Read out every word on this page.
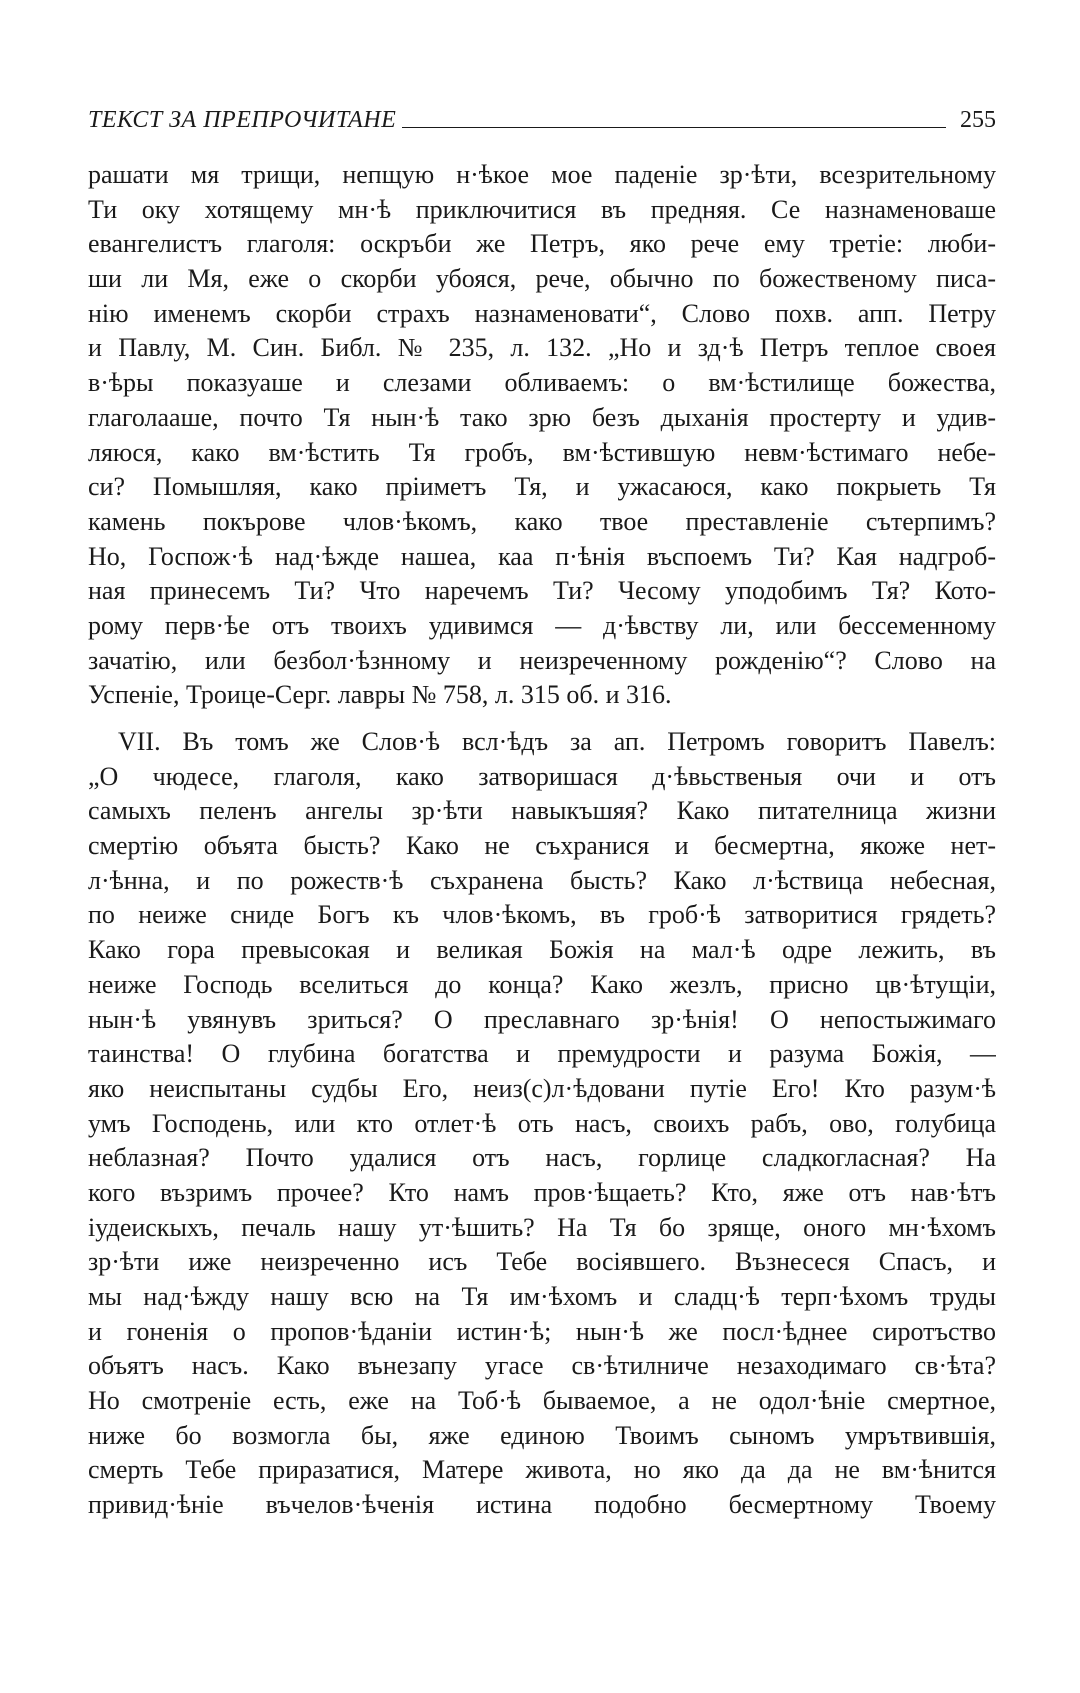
ТЕКСТ ЗА ПРЕПРОЧИТАНЕ	255
рашати мя трищи, непщую н·ѣкое мое паденіе зр·ѣти, всезрительному
Ти оку хотящему мн·ѣ приключитися въ предняя. Се назнаменоваше
евангелистъ глаголя: оскръби же Петръ, яко рече ему третіе: люби-
ши ли Мя, еже о скорби убояся, рече, обычно по божественому писа-
нію именемъ скорби страхъ назнаменовати“, Слово похв. апп. Петру
и Павлу, М. Син. Библ. № 235, л. 132. „Но и зд·ѣ Петръ теплое своея
в·ѣры показуаше и слезами обливаемъ: о вм·ѣстилище божества,
глаголааше, почто Тя нын·ѣ тако зрю безъ дыханія простерту и удив-
ляюся, како вм·ѣстить Тя гробъ, вм·ѣстившую невм·ѣстимаго небе-
си? Помышляя, како пріиметъ Тя, и ужасаюся, како покрыеть Тя
камень покърове члов·ѣкомъ, како твое преставленіе сътерпимъ?
Но, Госпож·ѣ над·ѣжде нашеа, каа п·ѣнія въспоемъ Ти? Кая надгроб-
ная принесемъ Ти? Что наречемъ Ти? Чесому уподобимъ Тя? Кото-
рому перв·ѣе отъ твоихъ удивимся — д·ѣвству ли, или бессеменному
зачатію, или безбол·ѣзнному и неизреченному рожденію“? Слово на
Успеніе, Троице-Серг. лавры № 758, л. 315 об. и 316.
VII. Въ томъ же Слов·ѣ всл·ѣдъ за ап. Петромъ говоритъ Павелъ:
„О чюдесе, глаголя, како затворишася д·ѣвьственыя очи и отъ
самыхъ пеленъ ангелы зр·ѣти навыкъшяя? Како питателница жизни
смертію объята бысть? Како не съхранися и бесмертна, якоже нет-
л·ѣнна, и по рожеств·ѣ съхранена бысть? Како л·ѣствица небесная,
по неиже сниде Богъ къ члов·ѣкомъ, въ гроб·ѣ затворитися грядеть?
Како гора превысокая и великая Божія на мал·ѣ одре лежить, въ
неиже Господь вселиться до конца? Како жезлъ, присно цв·ѣтущіи,
нын·ѣ увянувъ зриться? О преславнаго зр·ѣнія! О непостыжимаго
таинства! О глубина богатства и премудрости и разума Божія, —
яко неиспытаны судбы Его, неиз(с)л·ѣдовани путіе Его! Кто разум·ѣ
умъ Господень, или кто отлет·ѣ оть насъ, своихъ рабъ, ово, голубица
неблазная? Почто удалися отъ насъ, горлице сладкогласная? На
кого възримъ прочее? Кто намъ пров·ѣщаеть? Кто, яже отъ нав·ѣтъ
іудеискыхъ, печаль нашу ут·ѣшить? На Тя бо зряще, оного мн·ѣхомъ
зр·ѣти иже неизреченно исъ Тебе восіявшего. Възнесеся Спасъ, и
мы над·ѣжду нашу всю на Тя им·ѣхомъ и сладц·ѣ терп·ѣхомъ труды
и гоненія о пропов·ѣданіи истин·ѣ; нын·ѣ же посл·ѣднее сиротъство
объятъ насъ. Како вънезапу угасе св·ѣтилниче незаходимаго св·ѣта?
Но смотреніе есть, еже на Тоб·ѣ бываемое, а не одол·ѣніе смертное,
ниже бо возмогла бы, яже единою Твоимъ сыномъ умрътвившія,
смерть Тебе приразатися, Матере живота, но яко да да не вм·ѣнится
привид·ѣніе въчелов·ѣченія истина подобно бесмертному Твоему
